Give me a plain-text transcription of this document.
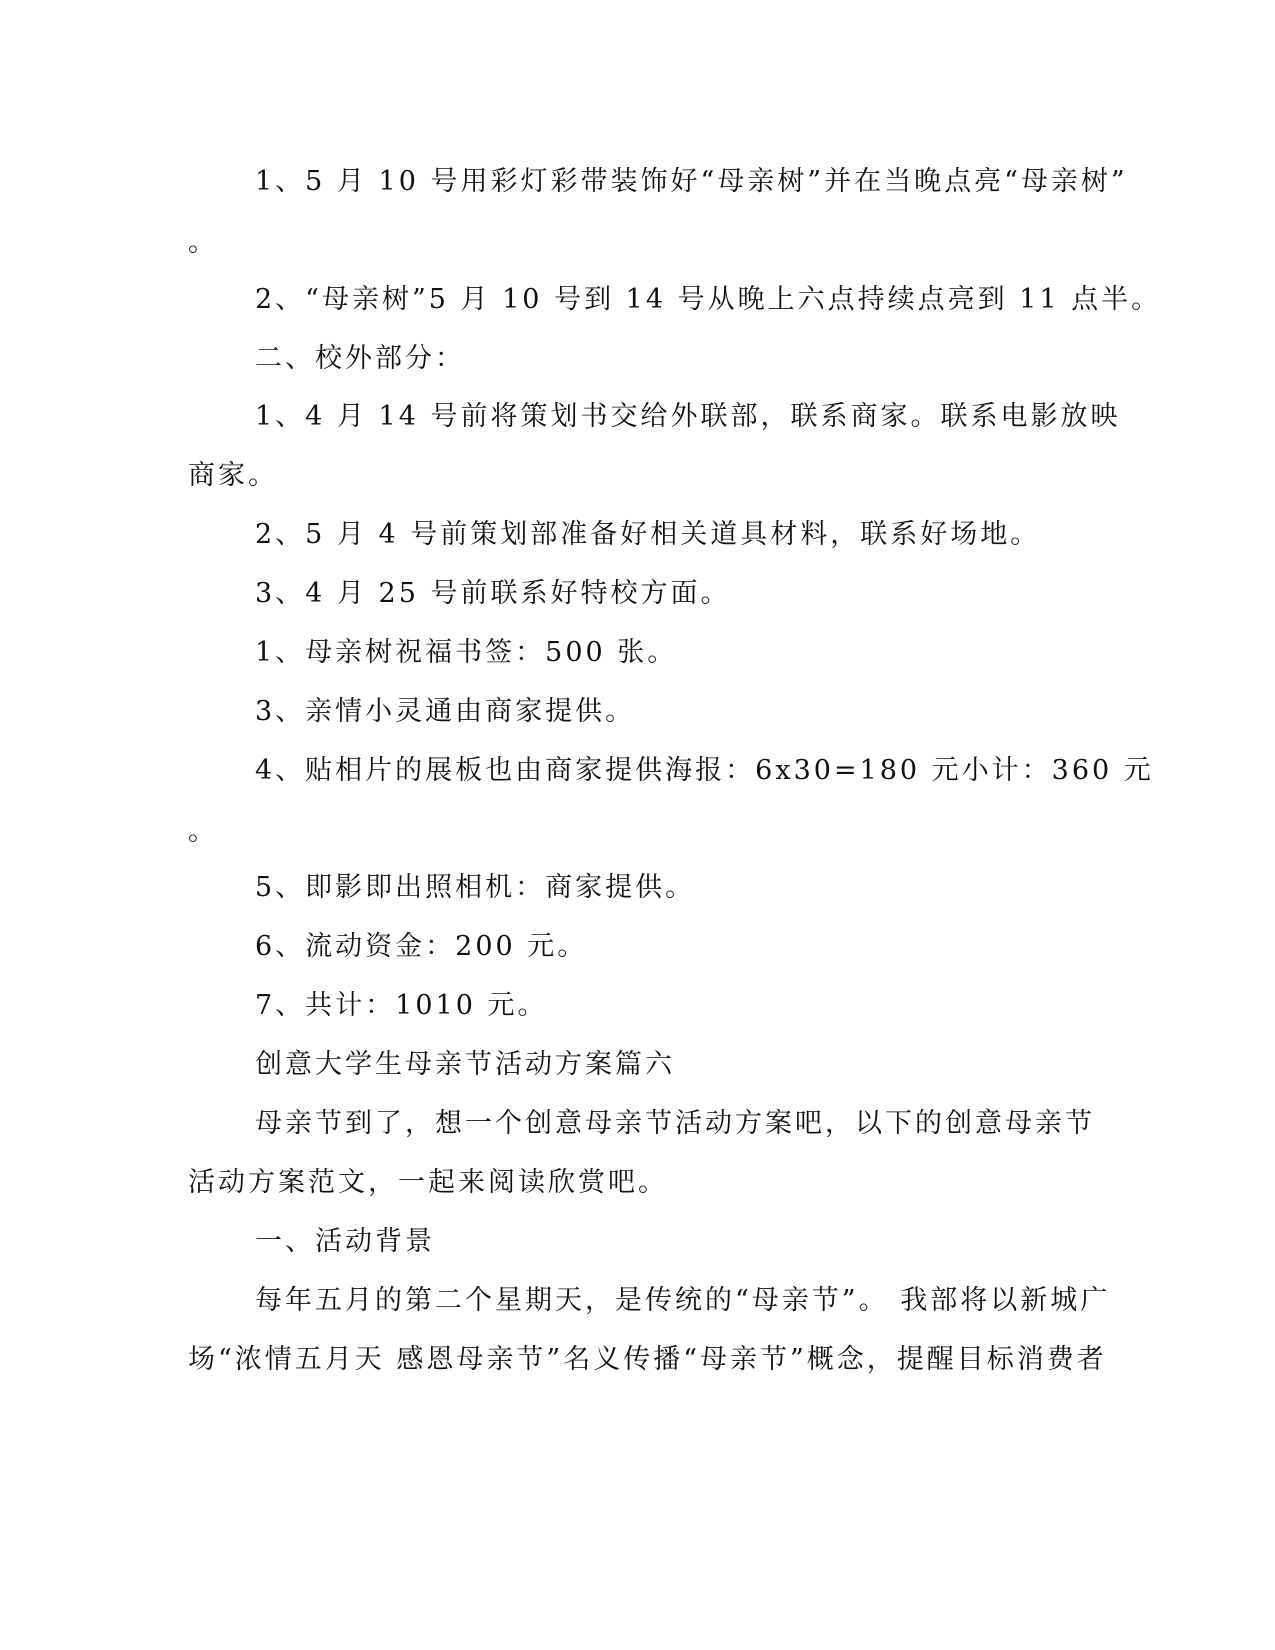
1、5 月 10 号用彩灯彩带装饰好“母亲树”并在当晚点亮“母亲树”
。
2、“母亲树”5 月 10 号到 14 号从晚上六点持续点亮到 11 点半。
二、校外部分：
1、4 月 14 号前将策划书交给外联部，联系商家。联系电影放映
商家。
2、5 月 4 号前策划部准备好相关道具材料，联系好场地。
3、4 月 25 号前联系好特校方面。
1、母亲树祝福书签：500 张。
3、亲情小灵通由商家提供。
4、贴相片的展板也由商家提供海报：6x30=180 元小计：360 元
。
5、即影即出照相机：商家提供。
6、流动资金：200 元。
7、共计：1010 元。
创意大学生母亲节活动方案篇六
母亲节到了，想一个创意母亲节活动方案吧，以下的创意母亲节
活动方案范文，一起来阅读欣赏吧。
一、活动背景
每年五月的第二个星期天，是传统的“母亲节”。 我部将以新城广
场“浓情五月天 感恩母亲节”名义传播“母亲节”概念，提醒目标消费者
